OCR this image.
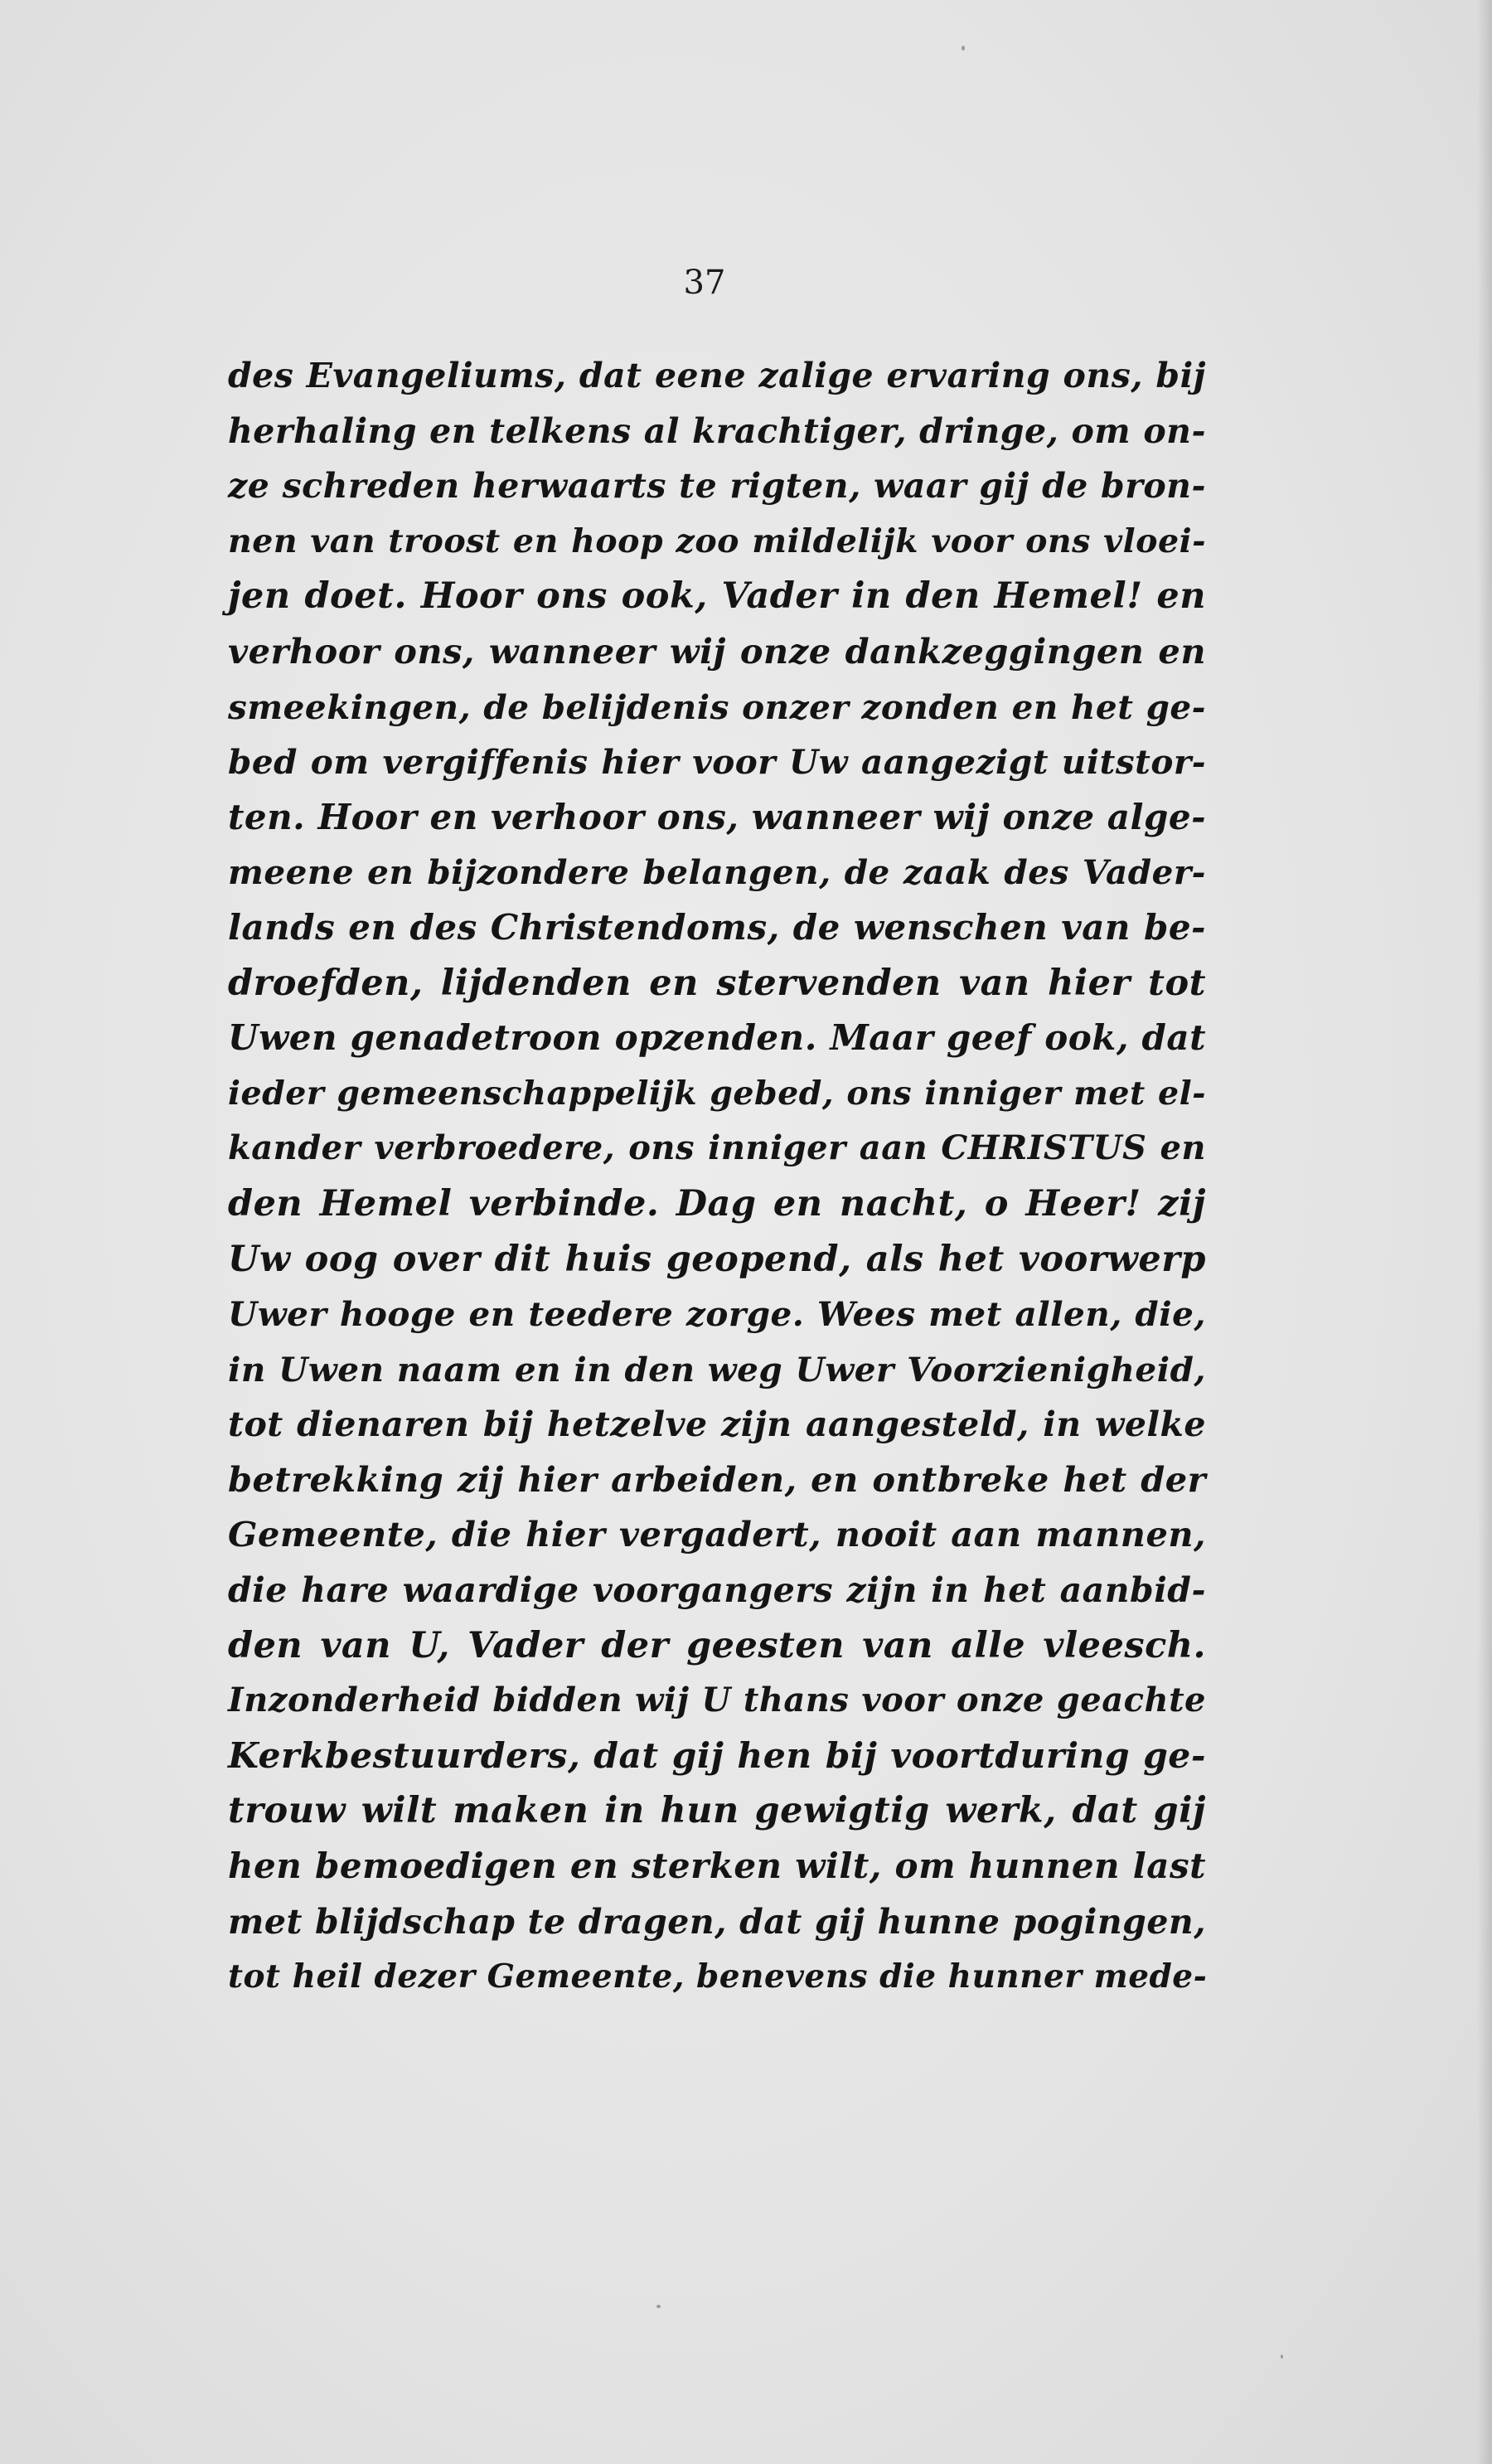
37
des Evangeliums, dat eene zalige ervaring ons, bij
herhaling en telkens al krachtiger, dringe, om on-
ze schreden herwaarts te rigten, waar gij de bron-
nen van troost en hoop zoo mildelijk voor ons vloei-
jen doet. Hoor ons ook, Vader in den Hemel! en
verhoor ons, wanneer wij onze dankzeggingen en
smeekingen, de belijdenis onzer zonden en het ge-
bed om vergiffenis hier voor Uw aangezigt uitstor-
ten. Hoor en verhoor ons, wanneer wij onze alge-
meene en bijzondere belangen, de zaak des Vader-
lands en des Christendoms, de wenschen van be-
droefden, lijdenden en stervenden van hier tot
Uwen genadetroon opzenden. Maar geef ook, dat
ieder gemeenschappelijk gebed, ons inniger met el-
kander verbroedere, ons inniger aan CHRISTUS en
den Hemel verbinde. Dag en nacht, o Heer! zij
Uw oog over dit huis geopend, als het voorwerp
Uwer hooge en teedere zorge. Wees met allen, die,
in Uwen naam en in den weg Uwer Voorzienigheid,
tot dienaren bij hetzelve zijn aangesteld, in welke
betrekking zij hier arbeiden, en ontbreke het der
Gemeente, die hier vergadert, nooit aan mannen,
die hare waardige voorgangers zijn in het aanbid-
den van U, Vader der geesten van alle vleesch.
Inzonderheid bidden wij U thans voor onze geachte
Kerkbestuurders, dat gij hen bij voortduring ge-
trouw wilt maken in hun gewigtig werk, dat gij
hen bemoedigen en sterken wilt, om hunnen last
met blijdschap te dragen, dat gij hunne pogingen,
tot heil dezer Gemeente, benevens die hunner mede-
